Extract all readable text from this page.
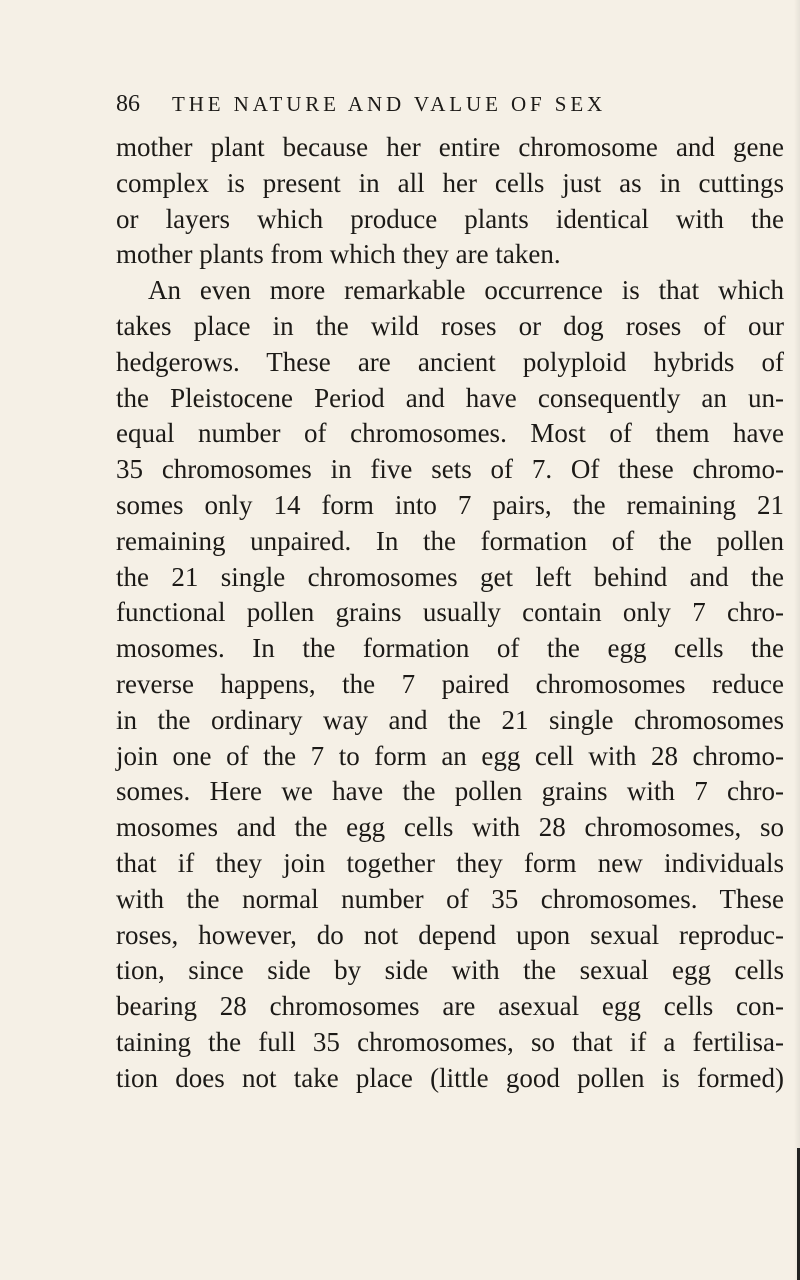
86	THE NATURE AND VALUE OF SEX
mother plant because her entire chromosome and gene
complex is present in all her cells just as in cuttings
or layers which produce plants identical with the
mother plants from which they are taken.
An even more remarkable occurrence is that which
takes place in the wild roses or dog roses of our
hedgerows. These are ancient polyploid hybrids of
the Pleistocene Period and have consequently an un-
equal number of chromosomes. Most of them have
35 chromosomes in five sets of 7. Of these chromo-
somes only 14 form into 7 pairs, the remaining 21
remaining unpaired. In the formation of the pollen
the 21 single chromosomes get left behind and the
functional pollen grains usually contain only 7 chro-
mosomes. In the formation of the egg cells the
reverse happens, the 7 paired chromosomes reduce
in the ordinary way and the 21 single chromosomes
join one of the 7 to form an egg cell with 28 chromo-
somes. Here we have the pollen grains with 7 chro-
mosomes and the egg cells with 28 chromosomes, so
that if they join together they form new individuals
with the normal number of 35 chromosomes. These
roses, however, do not depend upon sexual reproduc-
tion, since side by side with the sexual egg cells
bearing 28 chromosomes are asexual egg cells con-
taining the full 35 chromosomes, so that if a fertilisa-
tion does not take place (little good pollen is formed)
